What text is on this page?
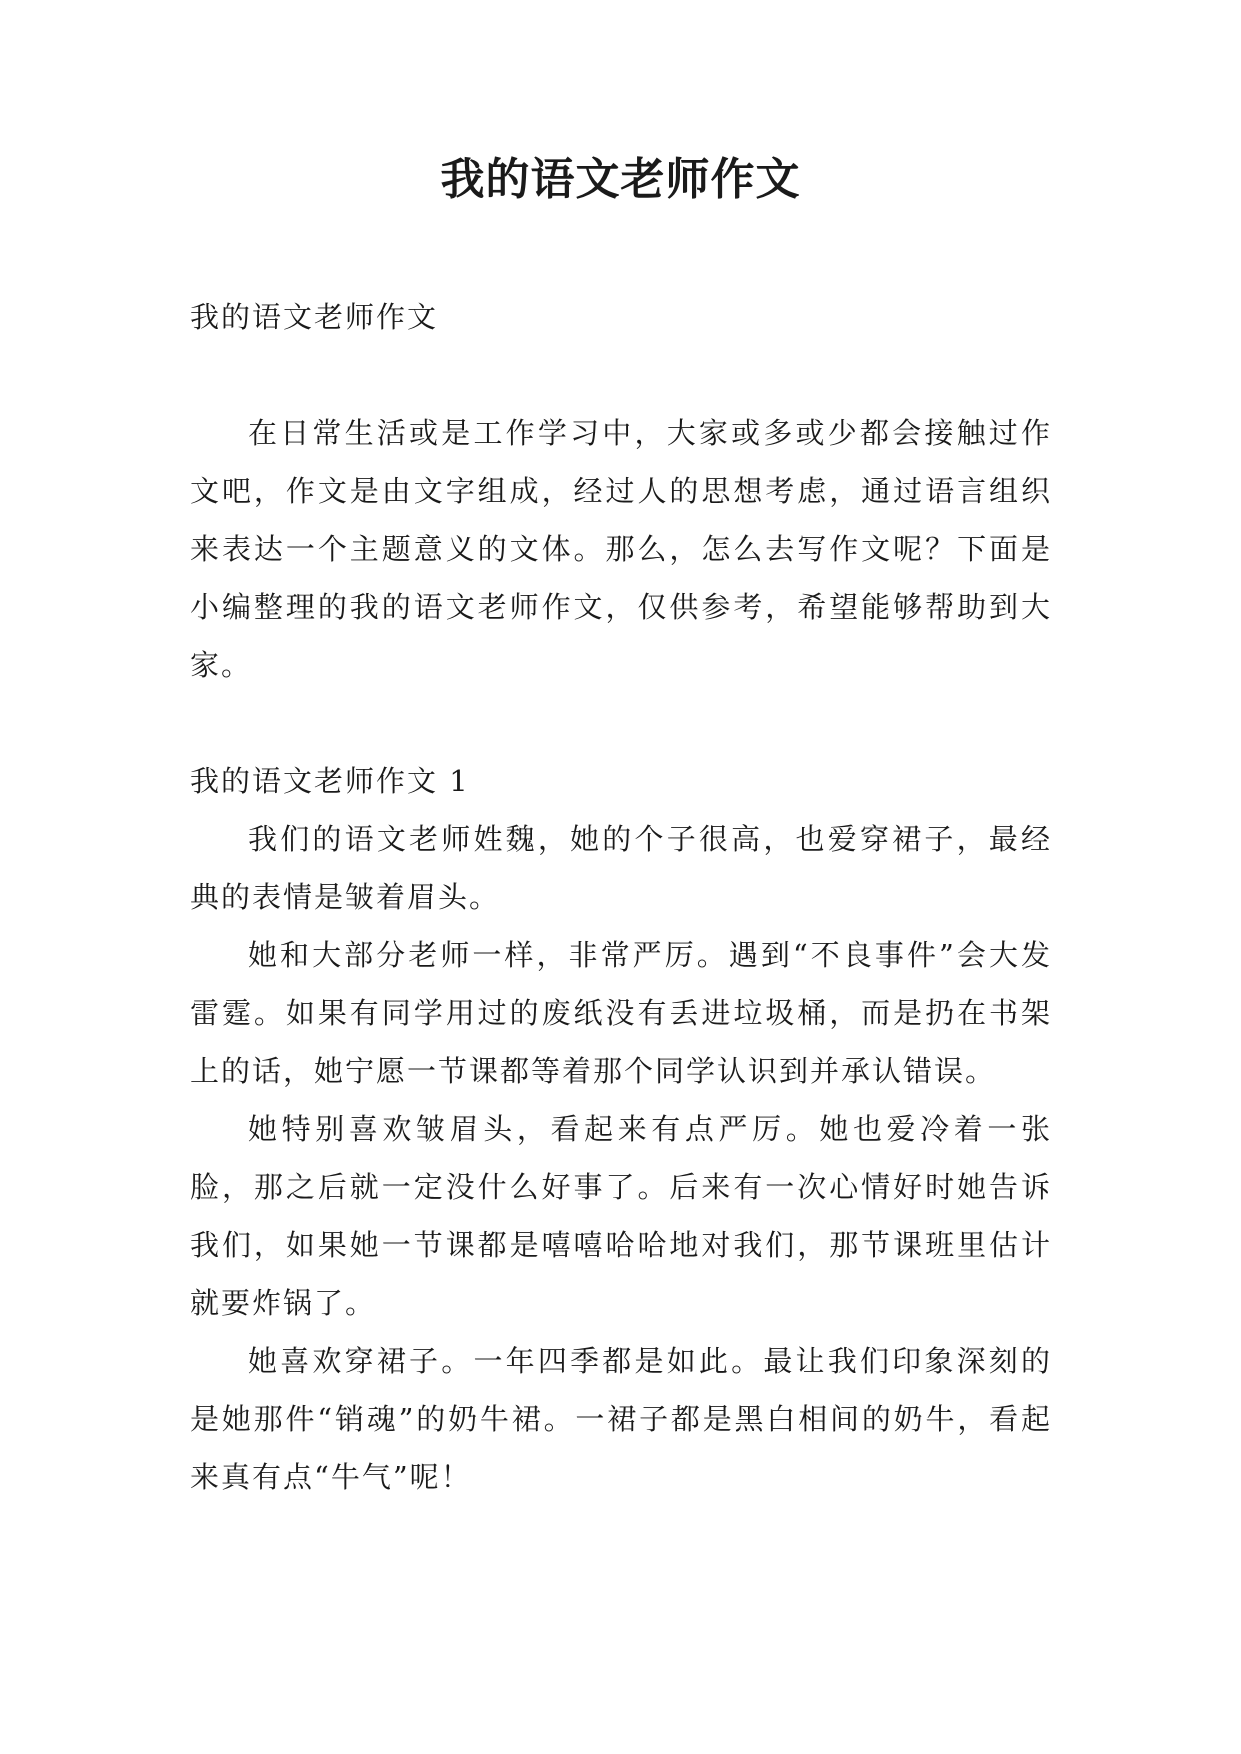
我的语文老师作文

我的语文老师作文

在日常生活或是工作学习中，大家或多或少都会接触过作文吧，作文是由文字组成，经过人的思想考虑，通过语言组织来表达一个主题意义的文体。那么，怎么去写作文呢？下面是小编整理的我的语文老师作文，仅供参考，希望能够帮助到大家。

我的语文老师作文 1

我们的语文老师姓魏，她的个子很高，也爱穿裙子，最经典的表情是皱着眉头。

她和大部分老师一样，非常严厉。遇到“不良事件”会大发雷霆。如果有同学用过的废纸没有丢进垃圾桶，而是扔在书架上的话，她宁愿一节课都等着那个同学认识到并承认错误。

她特别喜欢皱眉头，看起来有点严厉。她也爱冷着一张脸，那之后就一定没什么好事了。后来有一次心情好时她告诉我们，如果她一节课都是嘻嘻哈哈地对我们，那节课班里估计就要炸锅了。

她喜欢穿裙子。一年四季都是如此。最让我们印象深刻的是她那件“销魂”的奶牛裙。一裙子都是黑白相间的奶牛，看起来真有点“牛气”呢！
